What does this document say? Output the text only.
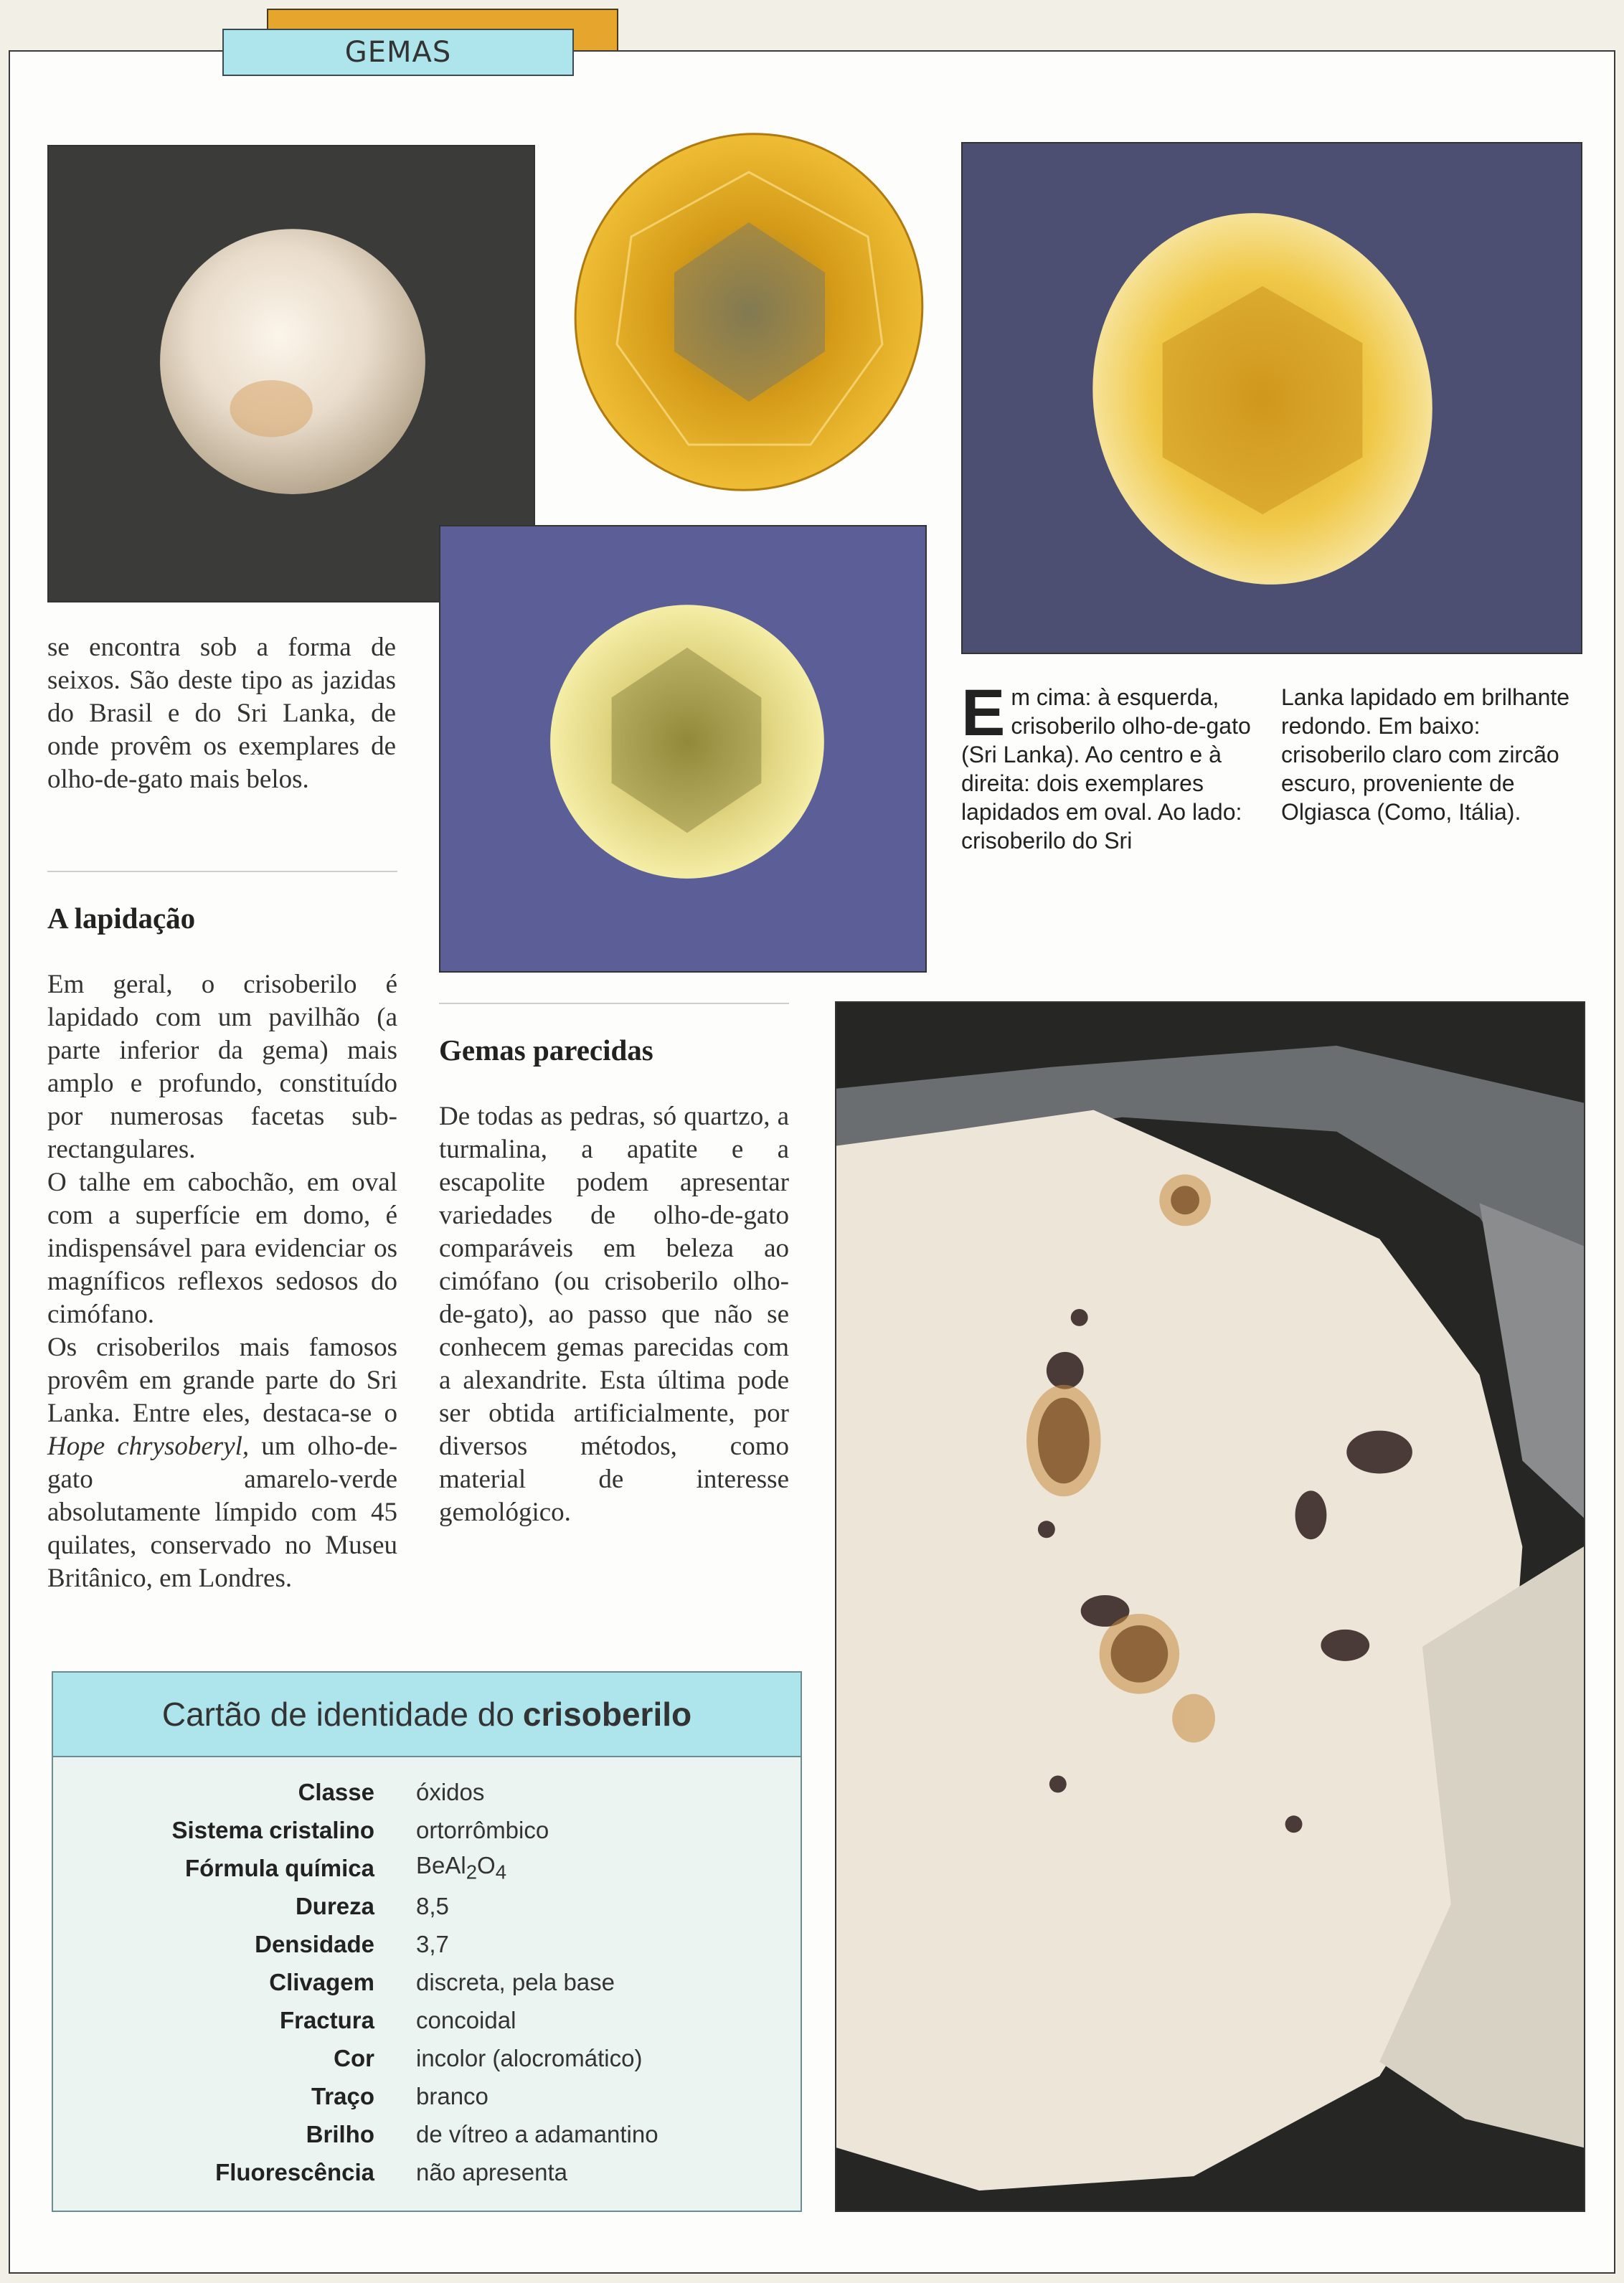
GEMAS
se encontra sob a forma de seixos. São deste tipo as jazidas do Brasil e do Sri Lanka, de onde provêm os exemplares de olho-de-gato mais belos.
A lapidação

Em geral, o crisoberilo é lapidado com um pavilhão (a parte inferior da gema) mais amplo e profundo, constituído por numerosas facetas sub-rectangulares.

O talhe em cabochão, em oval com a superfície em domo, é indispensável para evidenciar os magníficos reflexos sedosos do cimófano.

Os crisoberilos mais famosos provêm em grande parte do Sri Lanka. Entre eles, destaca-se o Hope chrysoberyl, um olho-de-gato amarelo-verde absolutamente límpido com 45 quilates, conservado no Museu Britânico, em Londres.

Gemas parecidas
De todas as pedras, só quartzo, a turmalina, a apatite e a escapolite podem apresentar variedades de olho-de-gato comparáveis em beleza ao cimófano (ou crisoberilo olho-de-gato), ao passo que não se conhecem gemas parecidas com a alexandrite. Esta última pode ser obtida artificialmente, por diversos métodos, como material de interesse gemológico.
Em cima: à esquerda, crisoberilo olho-de-gato (Sri Lanka). Ao centro e à direita: dois exemplares lapidados em oval. Ao lado: crisoberilo do Sri
Lanka lapidado em brilhante redondo. Em baixo: crisoberilo claro com zircão escuro, proveniente de Olgiasca (Como, Itália).
Cartão de identidade do crisoberilo
Classe	óxidos
Sistema cristalino	ortorrômbico
Fórmula química	$BeAl_2O_4$
Dureza	8,5
Densidade	3,7
Clivagem	discreta, pela base
Fractura	concoidal
Cor	incolor (alocromático)
Traço	branco
Brilho	de vítreo a adamantino
Fluorescência	não apresenta
